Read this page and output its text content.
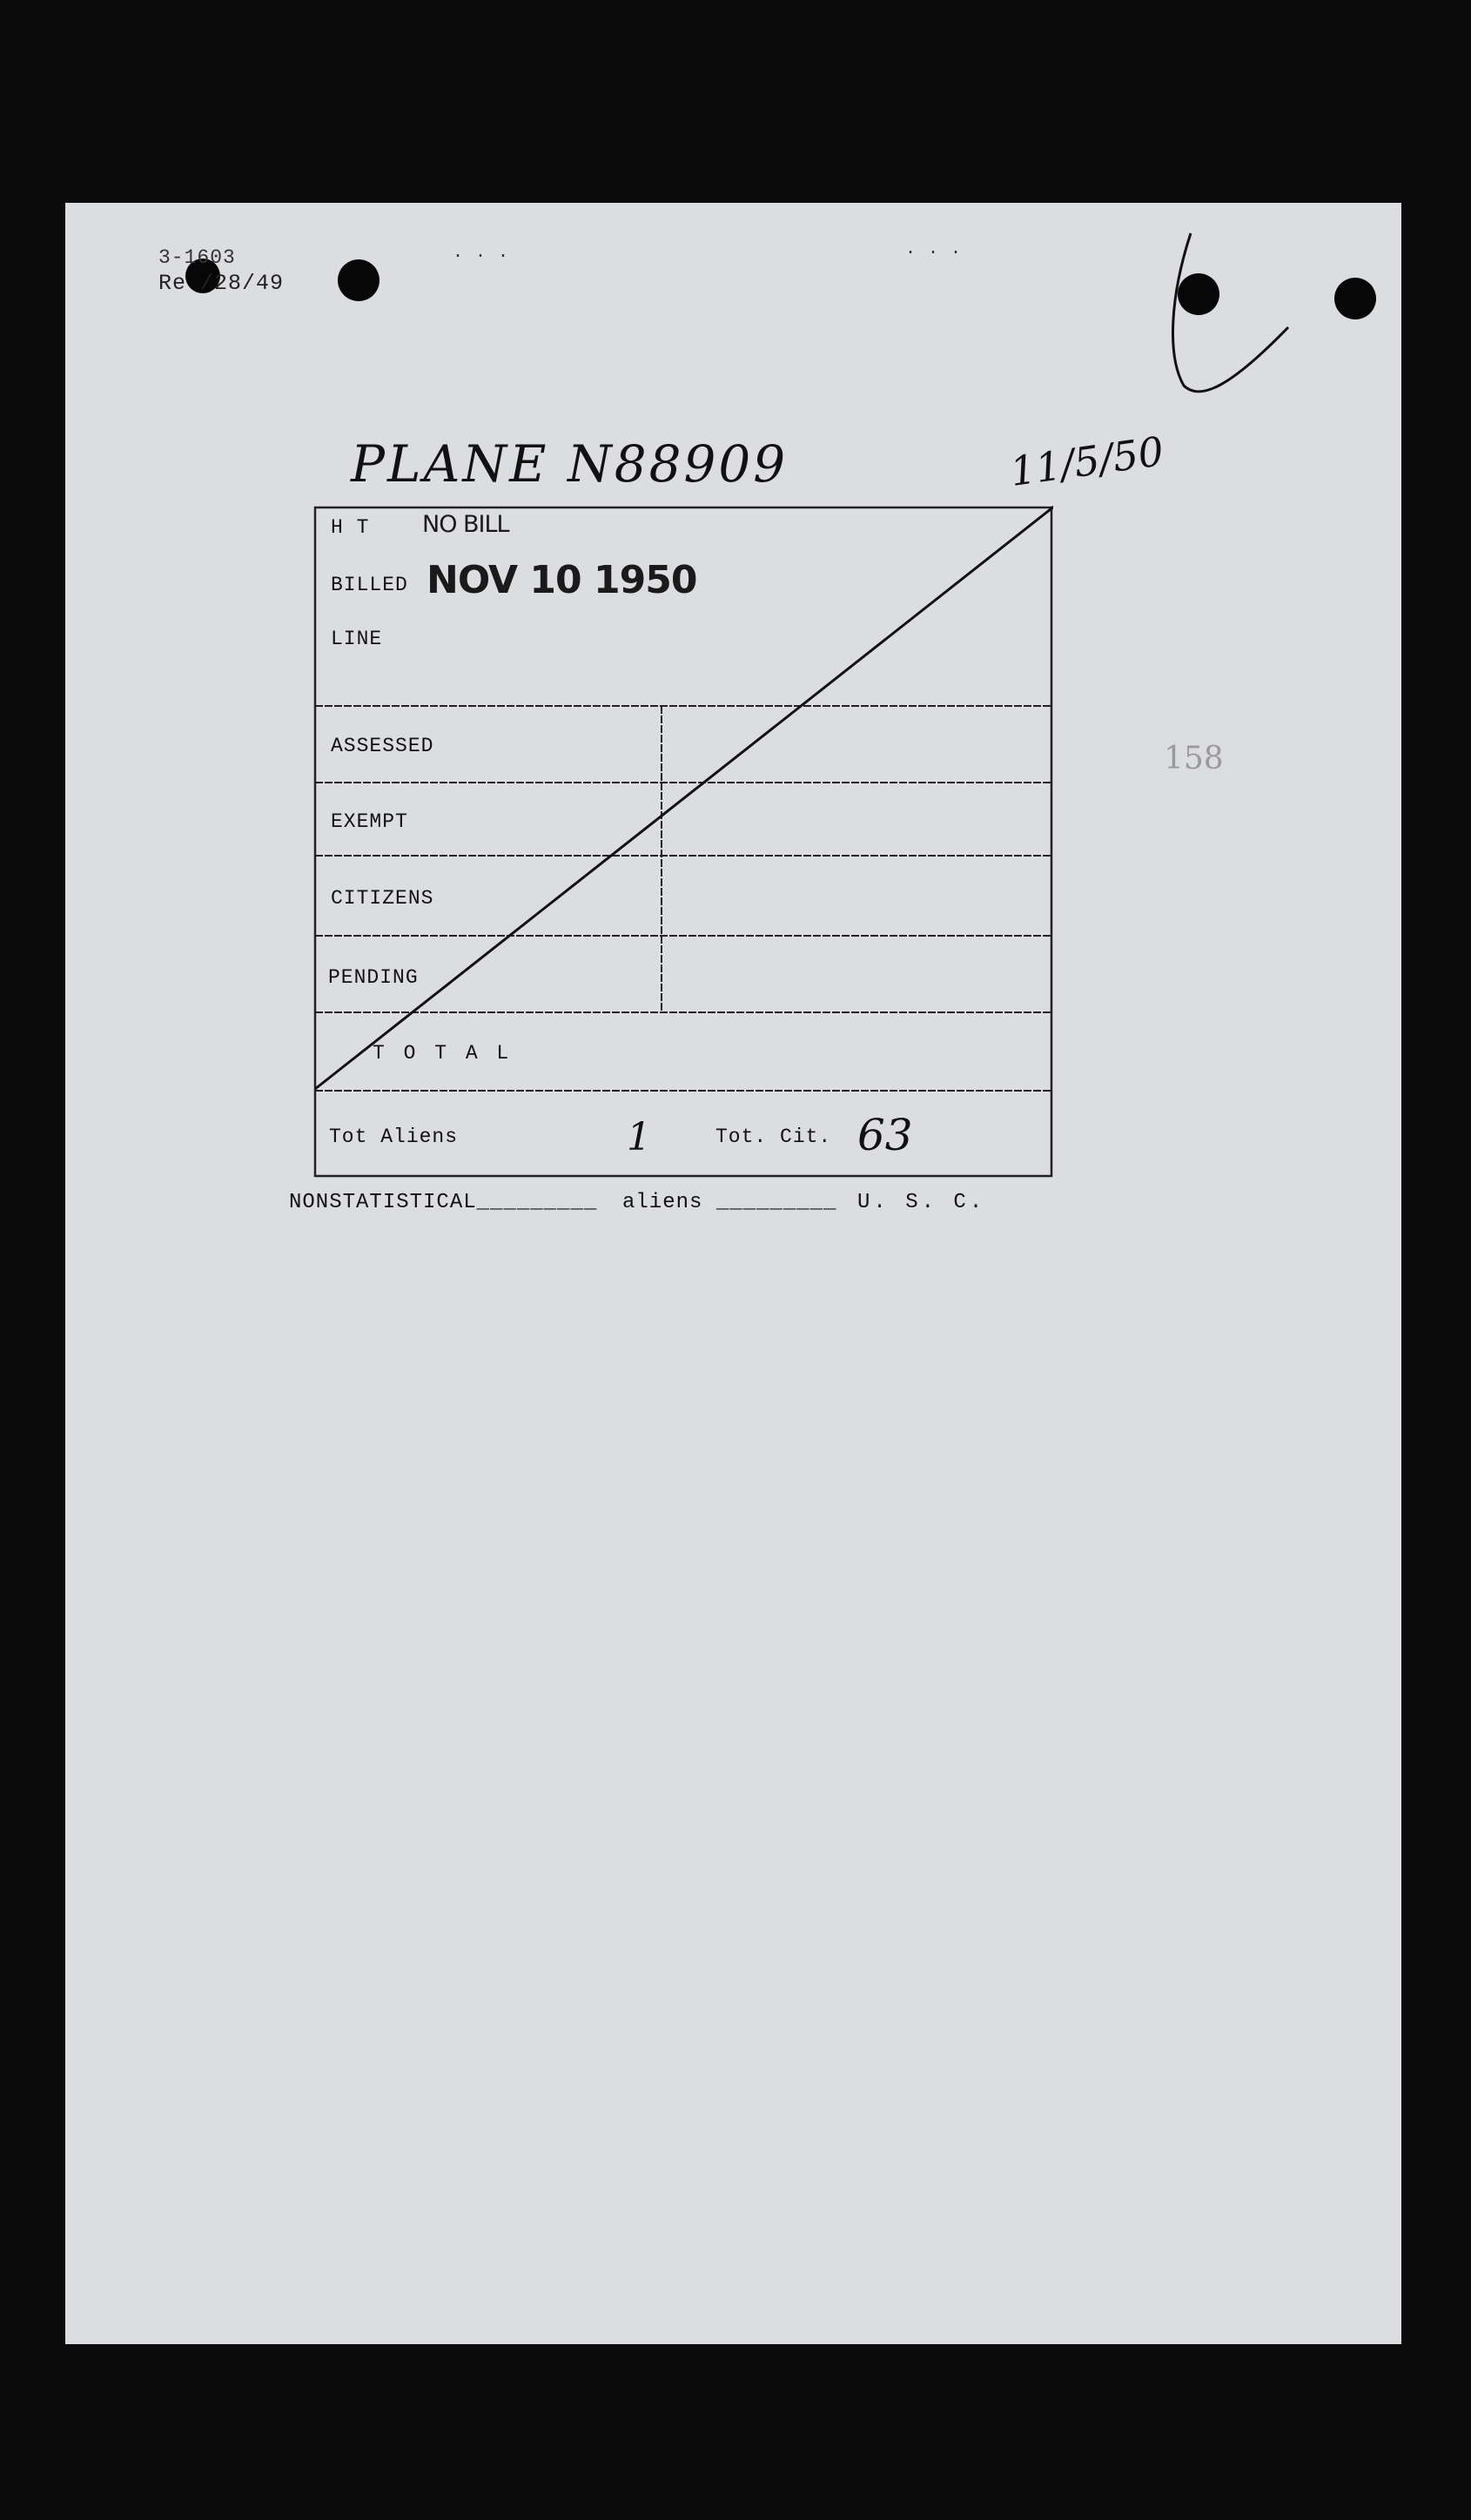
3-1603
Re /28/49
· · ·	· · ·
PLANE N88909	11/5/50
158
H T NO BILL
BILLED NOV 10 1950
LINE
ASSESSED
EXEMPT
CITIZENS
PENDING
T O T A L
Tot Aliens	1	Tot. Cit. 63
NONSTATISTICAL_________ aliens _________ U. S. C.
